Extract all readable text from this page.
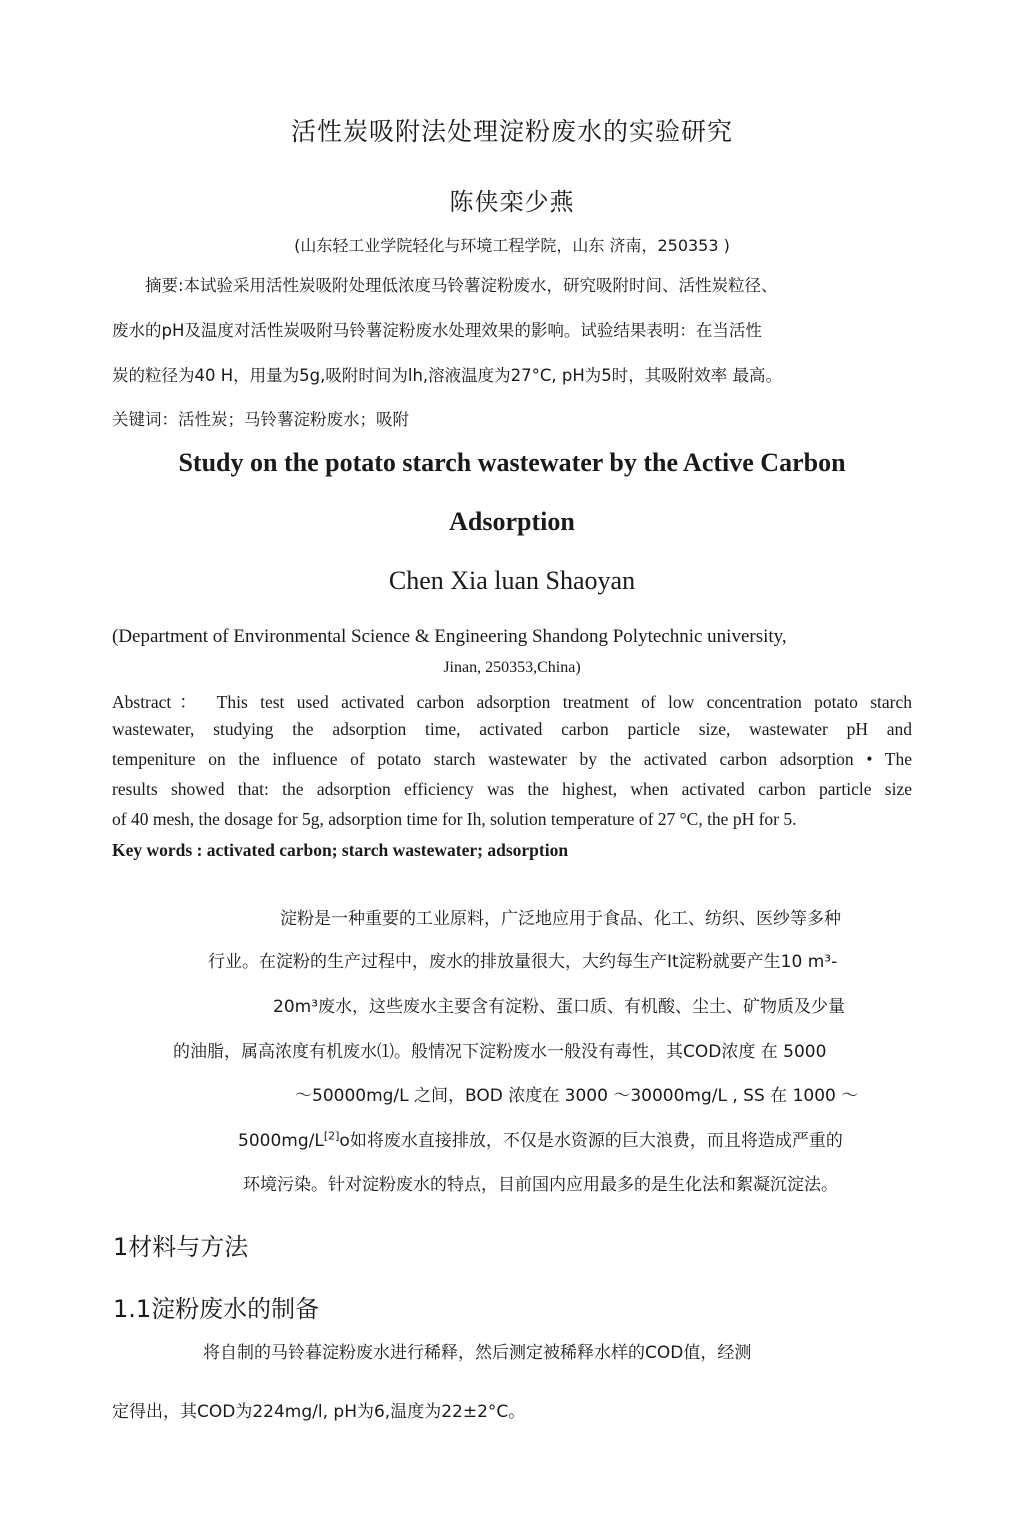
活性炭吸附法处理淀粉废水的实验研究
陈侠栾少燕
(山东轻工业学院轻化与环境工程学院，山东 济南，250353 )
摘要:本试验采用活性炭吸附处理低浓度马铃薯淀粉废水，研究吸附时间、活性炭粒径、
废水的pH及温度对活性炭吸附马铃薯淀粉废水处理效果的影响。试验结果表明：在当活性
炭的粒径为40 H，用量为5g,吸附时间为lh,溶液温度为27°C, pH为5时，其吸附效率 最高。
关键词：活性炭；马铃薯淀粉废水；吸附
Study on the potato starch wastewater by the Active Carbon
Adsorption
Chen Xia luan Shaoyan
(Department of Environmental Science & Engineering Shandong Polytechnic university,
Jinan, 250353,China)
Abstract： This test used activated carbon adsorption treatment of low concentration potato starch
wastewater, studying the adsorption time, activated carbon particle size, wastewater pH and
tempeniture on the influence of potato starch wastewater by the activated carbon adsorption • The
results showed that: the adsorption efficiency was the highest, when activated carbon particle size
of 40 mesh, the dosage for 5g, adsorption time for Ih, solution temperature of 27 °C, the pH for 5.
Key words : activated carbon; starch wastewater; adsorption
淀粉是一种重要的工业原料，广泛地应用于食品、化工、纺织、医纱等多种
行业。在淀粉的生产过程中，废水的排放量很大，大约每生产It淀粉就要产生10 m³-
20m³废水，这些废水主要含有淀粉、蛋口质、有机酸、尘土、矿物质及少量
的油脂，属高浓度有机废水⑴。般情况下淀粉废水一般没有毒性，其COD浓度 在 5000
～50000mg/L 之间，BOD 浓度在 3000 ～30000mg/L , SS 在 1000 ～
5000mg/L[2]o如将废水直接排放，不仅是水资源的巨大浪费，而且将造成严重的
环境污染。针对淀粉废水的特点，目前国内应用最多的是生化法和絮凝沉淀法。
1材料与方法
1.1淀粉废水的制备
将自制的马铃暮淀粉废水进行稀释，然后测定被稀释水样的COD值，经测
定得出，其COD为224mg/l, pH为6,温度为22±2°C。
